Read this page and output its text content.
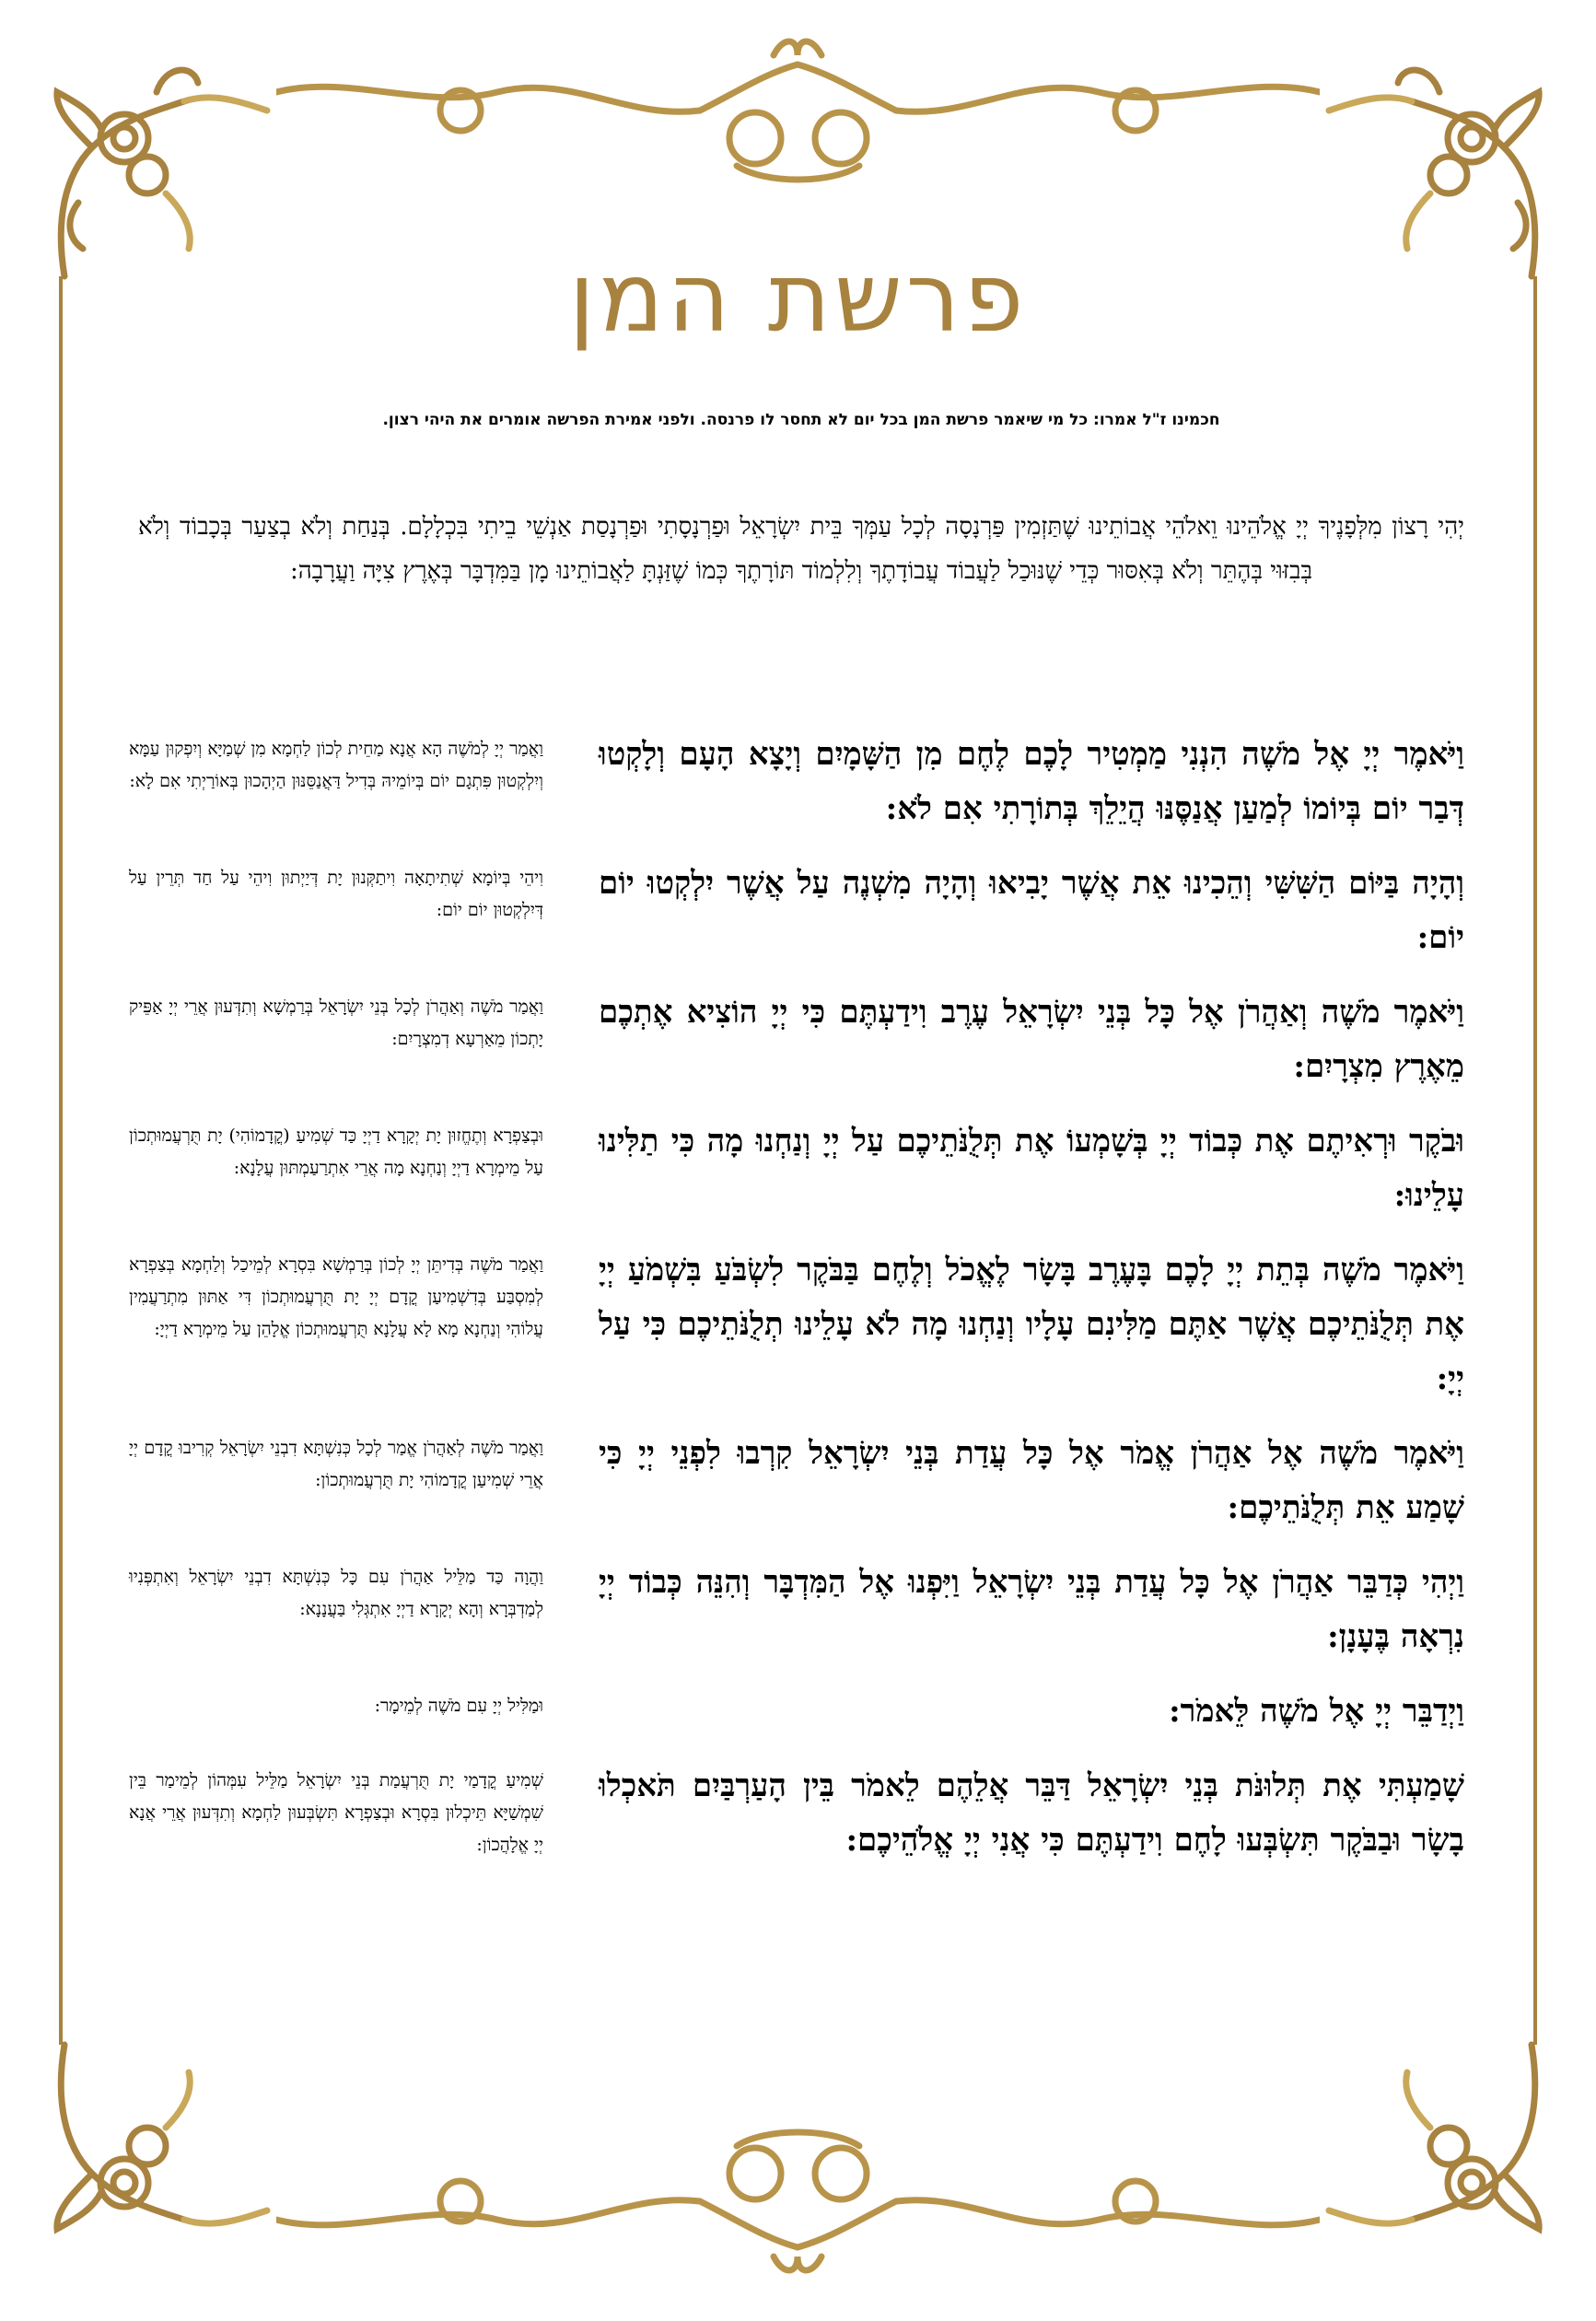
פרשת המן
חכמינו ז"ל אמרו: כל מי שיאמר פרשת המן בכל יום לא תחסר לו פרנסה. ולפני אמירת הפרשה אומרים את היהי רצון.
יְהִי רָצוֹן מִלְּפָנֶיךָ יְיָ אֱלֹהֵינוּ וֵאלֹהֵי אֲבוֹתֵינוּ שֶׁתַּזְמִין פַּרְנָסָה לְכָל עַמְּךָ בֵּית יִשְׂרָאֵל וּפַרְנָסָתִי וּפַרְנָסַת אַנְשֵׁי בֵיתִי בִּכְלָלָם. בְּנַחַת וְלֹא בְצַעַר בְּכָבוֹד וְלֹא בְּבִזּוּי בְּהֶתֵּר וְלֹא בְּאִסּוּר כְּדֵי שֶׁנּוּכַל לַעֲבוֹד עֲבוֹדָתֶךָ וְלִלְמוֹד תּוֹרָתֶךָ כְּמוֹ שֶׁזַּנְתָּ לַאֲבוֹתֵינוּ מָן בַּמִּדְבָּר בְּאֶרֶץ צִיָּה וַעֲרָבָה:
וַיֹּאמֶר יְיָ אֶל מֹשֶׁה הִנְנִי מַמְטִיר לָכֶם לֶחֶם מִן הַשָּׁמָיִם וְיָצָא הָעָם וְלָקְטוּ דְּבַר יוֹם בְּיוֹמוֹ לְמַעַן אֲנַסֶּנּוּ הֲיֵלֵךְ בְּתוֹרָתִי אִם לֹא:
וַאֲמַר יְיָ לְמֹשֶׁה הָא אֲנָא מַחֵית לְכוֹן לַחְמָא מִן שְׁמַיָּא וְיִפְקוּן עַמָּא וְיִלְקְטוּן פִּתְגָם יוֹם בְּיוֹמֵיהּ בְּדִיל דַּאֲנַסֵּנּוּן הַיְהָכוּן בְּאוֹרַיְתִי אִם לָא:
וְהָיָה בַּיּוֹם הַשִּׁשִּׁי וְהֵכִינוּ אֵת אֲשֶׁר יָבִיאוּ וְהָיָה מִשְׁנֶה עַל אֲשֶׁר יִלְקְטוּ יוֹם יוֹם:
וִיהֵי בְּיוֹמָא שְׁתִיתָאָה וִיתַקְּנוּן יָת דְּיַיְתוּן וִיהֵי עַל חַד תְּרֵין עַל דְּיִלְקְטוּן יוֹם יוֹם:
וַיֹּאמֶר מֹשֶׁה וְאַהֲרֹן אֶל כָּל בְּנֵי יִשְׂרָאֵל עֶרֶב וִידַעְתֶּם כִּי יְיָ הוֹצִיא אֶתְכֶם מֵאֶרֶץ מִצְרָיִם:
וַאֲמַר מֹשֶׁה וְאַהֲרֹן לְכָל בְּנֵי יִשְׂרָאֵל בְּרַמְשָׁא וְתִדְּעוּן אֲרֵי יְיָ אַפֵּיק יָתְכוֹן מֵאַרְעָא דְמִצְרָיִם:
וּבֹקֶר וּרְאִיתֶם אֶת כְּבוֹד יְיָ בְּשָׁמְעוֹ אֶת תְּלֻנֹּתֵיכֶם עַל יְיָ וְנַחְנוּ מָה כִּי תַלִּינוּ עָלֵינוּ:
וּבְצַפְרָא וְתֶחֱזוּן יָת יְקָרָא דַיְיָ כַּד שְׁמִיעַ (קֳדָמוֹהִי) יָת תֻּרְעֲמוּתְכוֹן עַל מֵימְרָא דַיְיָ וְנַחְנָא מָה אֲרֵי אִתְרַעַמְתּוּן עֲלָנָא:
וַיֹּאמֶר מֹשֶׁה בְּתֵת יְיָ לָכֶם בָּעֶרֶב בָּשָׂר לֶאֱכֹל וְלֶחֶם בַּבֹּקֶר לִשְׂבֹּעַ בִּשְׁמֹעַ יְיָ אֶת תְּלֻנֹּתֵיכֶם אֲשֶׁר אַתֶּם מַלִּינִם עָלָיו וְנַחְנוּ מָה לֹא עָלֵינוּ תְלֻנֹּתֵיכֶם כִּי עַל יְיָ:
וַאֲמַר מֹשֶׁה בְּדִיתֵּן יְיָ לְכוֹן בְּרַמְשָׁא בִּסְרָא לְמֵיכַל וְלַחְמָא בְּצַפְרָא לְמִסְבַּע בְּדִשְׁמִיעַן קֳדָם יְיָ יָת תֻּרְעֲמוּתְכוֹן דִּי אַתּוּן מִתְרַעֲמִין עֲלוֹהִי וְנַחְנָא מָא לָא עֲלָנָא תֻּרְעֲמוּתְכוֹן אֱלָהֵן עַל מֵימְרָא דַיְיָ:
וַיֹּאמֶר מֹשֶׁה אֶל אַהֲרֹן אֱמֹר אֶל כָּל עֲדַת בְּנֵי יִשְׂרָאֵל קִרְבוּ לִפְנֵי יְיָ כִּי שָׁמַע אֵת תְּלֻנֹּתֵיכֶם:
וַאֲמַר מֹשֶׁה לְאַהֲרֹן אֱמַר לְכָל כְּנִשְׁתָּא דִבְנֵי יִשְׂרָאֵל קְרִיבוּ קֳדָם יְיָ אֲרֵי שְׁמִיעַן קֳדָמוֹהִי יָת תֻּרְעֲמוּתְכוֹן:
וַיְהִי כְּדַבֵּר אַהֲרֹן אֶל כָּל עֲדַת בְּנֵי יִשְׂרָאֵל וַיִּפְנוּ אֶל הַמִּדְבָּר וְהִנֵּה כְּבוֹד יְיָ נִרְאָה בֶּעָנָן:
וַהֲוָה כַּד מַלֵּיל אַהֲרֹן עִם כָּל כְּנִשְׁתָּא דִבְנֵי יִשְׂרָאֵל וְאִתְפְּנִיוּ לְמַדְבְּרָא וְהָא יְקָרָא דַיְיָ אִתְגְּלִי בַּעֲנָנָא:
וַיְדַבֵּר יְיָ אֶל מֹשֶׁה לֵּאמֹר:
וּמַלִּיל יְיָ עִם מֹשֶׁה לְמֵימָר:
שָׁמַעְתִּי אֶת תְּלוּנֹּת בְּנֵי יִשְׂרָאֵל דַּבֵּר אֲלֵהֶם לֵאמֹר בֵּין הָעַרְבַּיִם תֹּאכְלוּ בָשָׂר וּבַבֹּקֶר תִּשְׂבְּעוּ לָחֶם וִידַעְתֶּם כִּי אֲנִי יְיָ אֱלֹהֵיכֶם:
שְׁמִיעַ קֳדָמַי יָת תֻּרְעֲמַת בְּנֵי יִשְׂרָאֵל מַלֵּיל עִמְּהוֹן לְמֵימַר בֵּין שִׁמְשַׁיָּא תֵּיכְלוּן בִּסְרָא וּבְצַפְרָא תִּשְׂבְּעוּן לַחְמָא וְתִדְּעוּן אֲרֵי אֲנָא יְיָ אֱלָהֲכוֹן:
